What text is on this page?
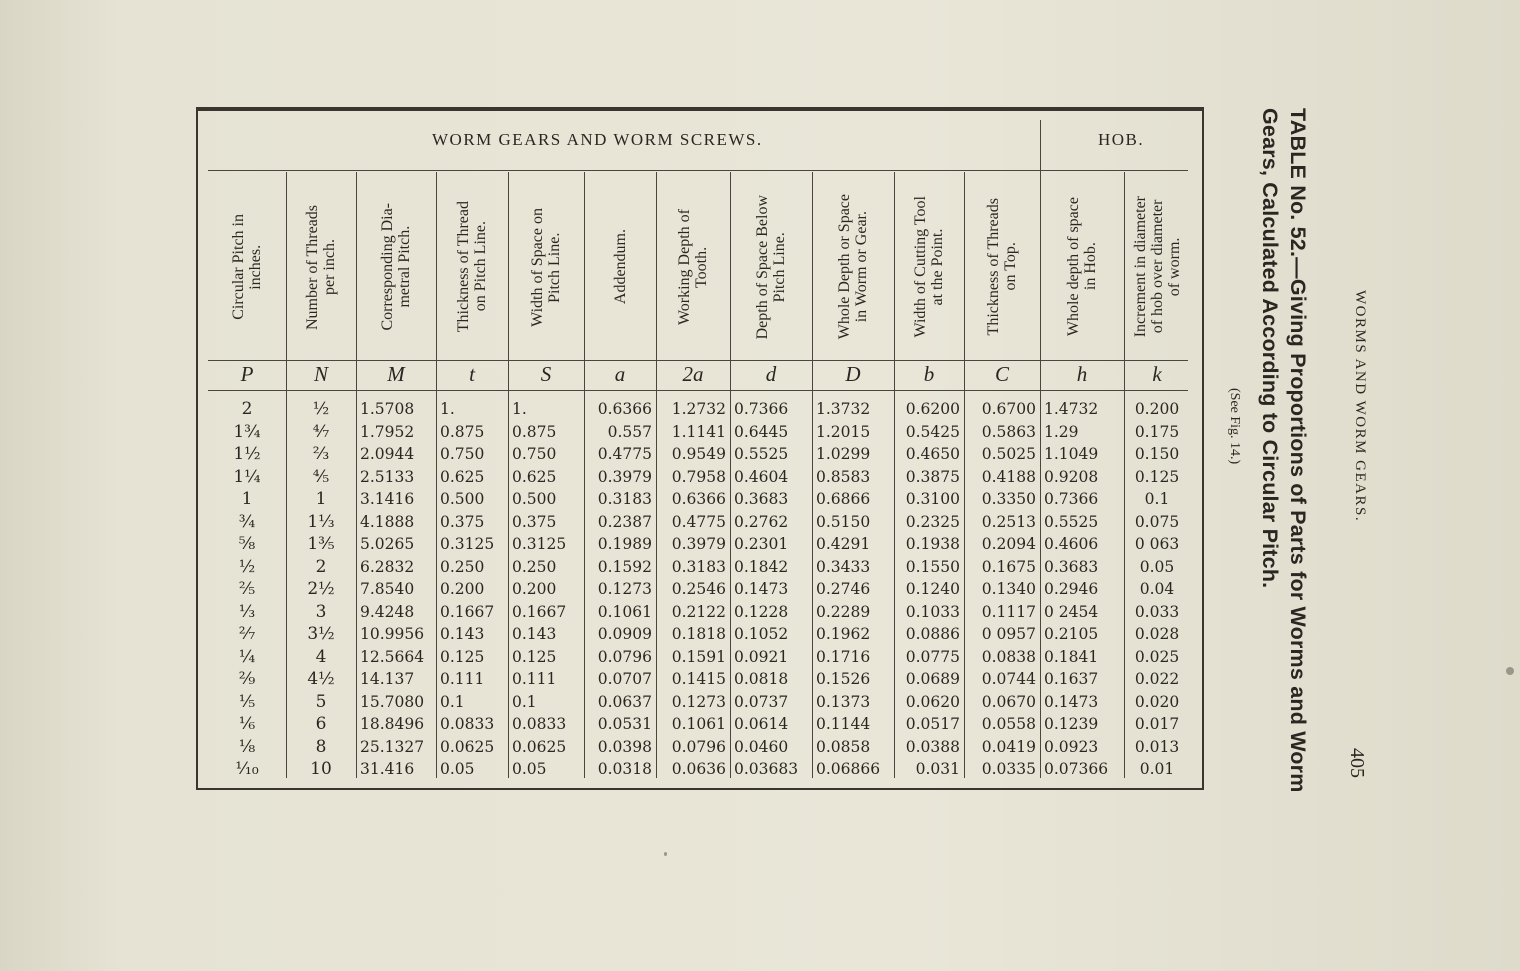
WORMS AND WORM GEARS.
405
TABLE No. 52.—Giving Proportions of Parts for Worms and Worm Gears, Calculated According to Circular Pitch.
(See Fig. 14.)
WORM GEARS AND WORM SCREWS.	HOB.
Circular Pitch in
inches.
P
2
1¾
1½
1¼
1
¾
⅝
½
⅖
⅓
²⁄₇
¼
²⁄₉
⅕
⅙
⅛
¹⁄₁₀
Number of Threads
per inch.
N
½
⁴⁄₇
⅔
⅘
1
1⅓
1⅗
2
2½
3
3½
4
4½
5
6
8
10
Corresponding Dia-
metral Pitch.
M
1.5708
1.7952
2.0944
2.5133
3.1416
4.1888
5.0265
6.2832
7.8540
9.4248
10.9956
12.5664
14.137
15.7080
18.8496
25.1327
31.416
Thickness of Thread
on Pitch Line.
t
1.
0.875
0.750
0.625
0.500
0.375
0.3125
0.250
0.200
0.1667
0.143
0.125
0.111
0.1
0.0833
0.0625
0.05
Width of Space on
Pitch Line.
S
1.
0.875
0.750
0.625
0.500
0.375
0.3125
0.250
0.200
0.1667
0.143
0.125
0.111
0.1
0.0833
0.0625
0.05
Addendum.
a
0.6366
0.557
0.4775
0.3979
0.3183
0.2387
0.1989
0.1592
0.1273
0.1061
0.0909
0.0796
0.0707
0.0637
0.0531
0.0398
0.0318
Working Depth of
Tooth.
2a
1.2732
1.1141
0.9549
0.7958
0.6366
0.4775
0.3979
0.3183
0.2546
0.2122
0.1818
0.1591
0.1415
0.1273
0.1061
0.0796
0.0636
Depth of Space Below
Pitch Line.
d
0.7366
0.6445
0.5525
0.4604
0.3683
0.2762
0.2301
0.1842
0.1473
0.1228
0.1052
0.0921
0.0818
0.0737
0.0614
0.0460
0.03683
Whole Depth or Space
in Worm or Gear.
D
1.3732
1.2015
1.0299
0.8583
0.6866
0.5150
0.4291
0.3433
0.2746
0.2289
0.1962
0.1716
0.1526
0.1373
0.1144
0.0858
0.06866
Width of Cutting Tool
at the Point.
b
0.6200
0.5425
0.4650
0.3875
0.3100
0.2325
0.1938
0.1550
0.1240
0.1033
0.0886
0.0775
0.0689
0.0620
0.0517
0.0388
0.031
Thickness of Threads
on Top.
C
0.6700
0.5863
0.5025
0.4188
0.3350
0.2513
0.2094
0.1675
0.1340
0.1117
0 0957
0.0838
0.0744
0.0670
0.0558
0.0419
0.0335
Whole depth of space
in Hob.
h
1.4732
1.29
1.1049
0.9208
0.7366
0.5525
0.4606
0.3683
0.2946
0 2454
0.2105
0.1841
0.1637
0.1473
0.1239
0.0923
0.07366
Increment in diameter
of hob over diameter
of worm.
k
0.200
0.175
0.150
0.125
0.1
0.075
0 063
0.05
0.04
0.033
0.028
0.025
0.022
0.020
0.017
0.013
0.01
